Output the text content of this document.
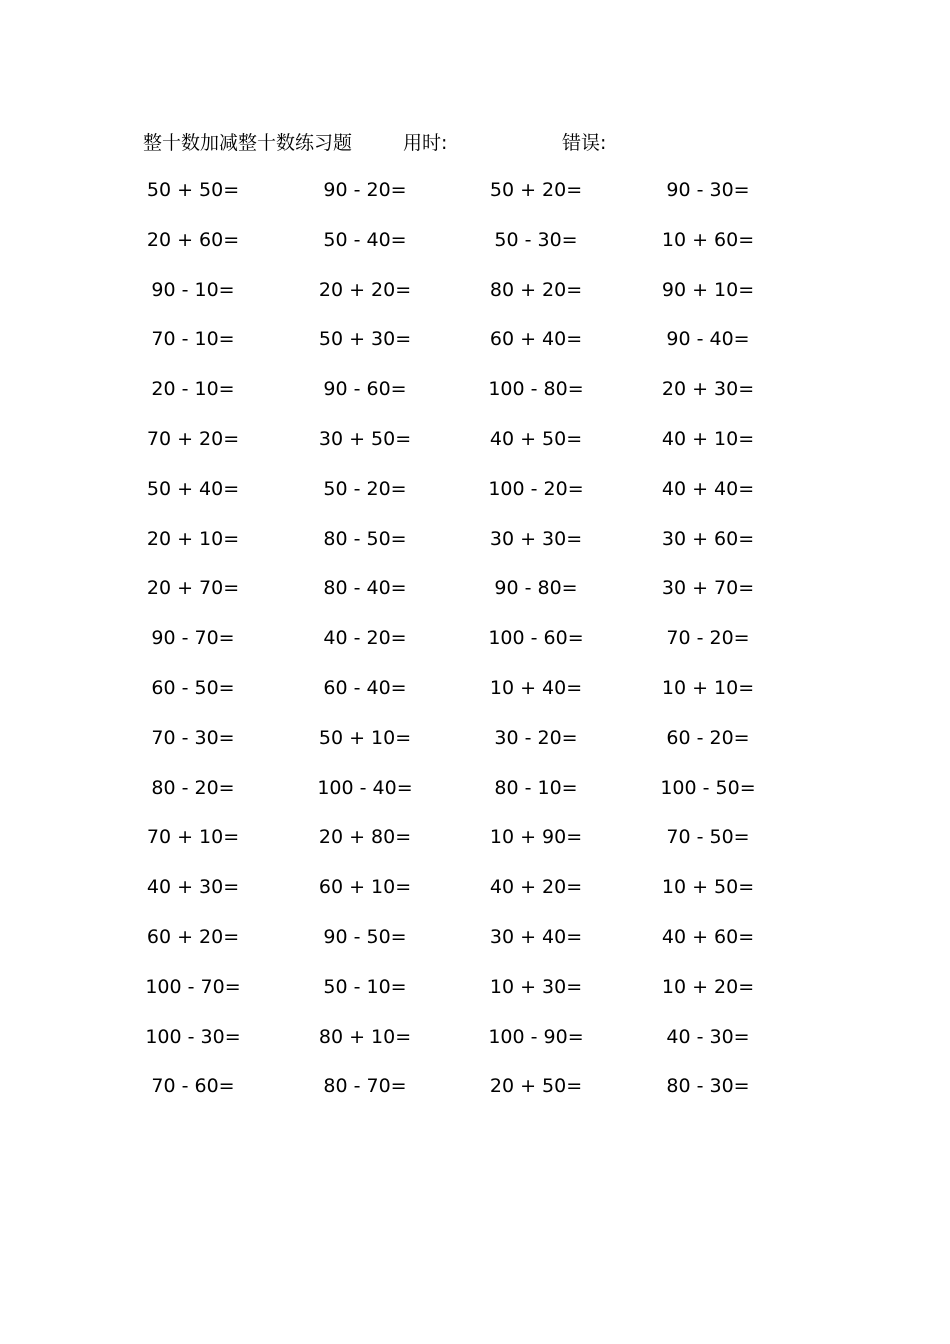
整十数加减整十数练习题	用时:	错误:
50 + 50=	90 - 20=	50 + 20=	90 - 30=
20 + 60=	50 - 40=	50 - 30=	10 + 60=
90 - 10=	20 + 20=	80 + 20=	90 + 10=
70 - 10=	50 + 30=	60 + 40=	90 - 40=
20 - 10=	90 - 60=	100 - 80=	20 + 30=
70 + 20=	30 + 50=	40 + 50=	40 + 10=
50 + 40=	50 - 20=	100 - 20=	40 + 40=
20 + 10=	80 - 50=	30 + 30=	30 + 60=
20 + 70=	80 - 40=	90 - 80=	30 + 70=
90 - 70=	40 - 20=	100 - 60=	70 - 20=
60 - 50=	60 - 40=	10 + 40=	10 + 10=
70 - 30=	50 + 10=	30 - 20=	60 - 20=
80 - 20=	100 - 40=	80 - 10=	100 - 50=
70 + 10=	20 + 80=	10 + 90=	70 - 50=
40 + 30=	60 + 10=	40 + 20=	10 + 50=
60 + 20=	90 - 50=	30 + 40=	40 + 60=
100 - 70=	50 - 10=	10 + 30=	10 + 20=
100 - 30=	80 + 10=	100 - 90=	40 - 30=
70 - 60=	80 - 70=	20 + 50=	80 - 30=
